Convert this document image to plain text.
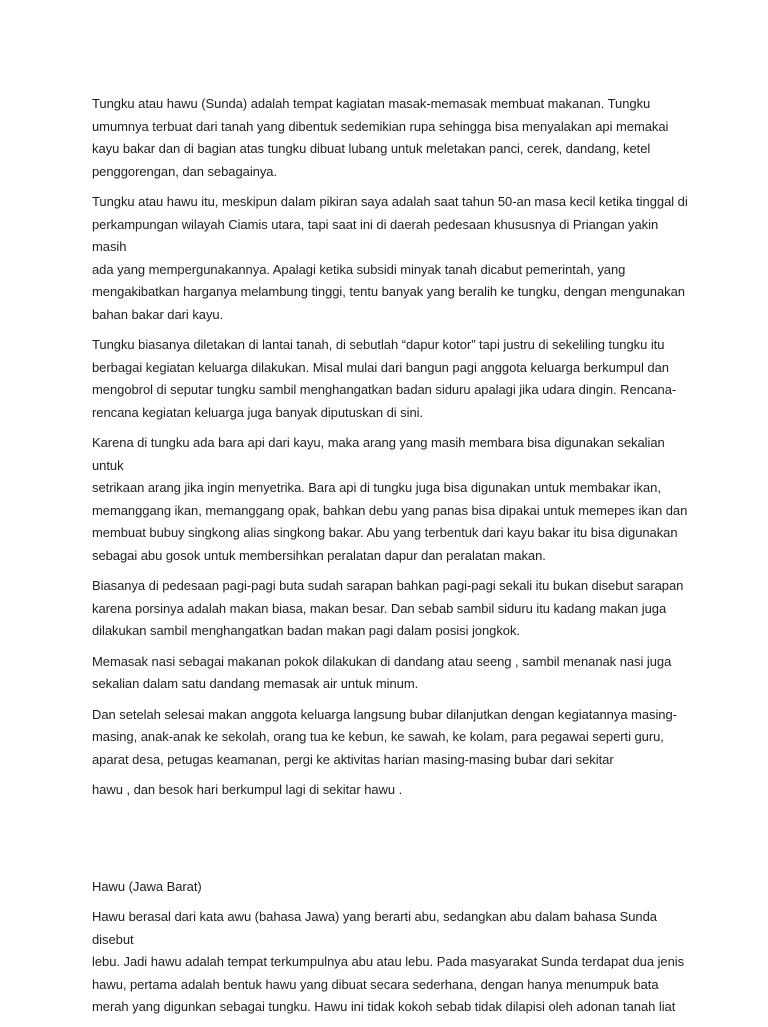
Tungku atau hawu (Sunda) adalah tempat kagiatan masak-memasak membuat makanan. Tungku
umumnya terbuat dari tanah yang dibentuk sedemikian rupa sehingga bisa menyalakan api memakai
kayu bakar dan di bagian atas tungku dibuat lubang untuk meletakan panci, cerek, dandang, ketel
penggorengan, dan sebagainya.

Tungku atau hawu itu, meskipun dalam pikiran saya adalah saat tahun 50-an masa kecil ketika tinggal di
perkampungan wilayah Ciamis utara, tapi saat ini di daerah pedesaan khususnya di Priangan yakin masih
ada yang mempergunakannya. Apalagi ketika subsidi minyak tanah dicabut pemerintah, yang
mengakibatkan harganya melambung tinggi, tentu banyak yang beralih ke tungku, dengan mengunakan
bahan bakar dari kayu.

Tungku biasanya diletakan di lantai tanah, di sebutlah “dapur kotor” tapi justru di sekeliling tungku itu
berbagai kegiatan keluarga dilakukan. Misal mulai dari bangun pagi anggota keluarga berkumpul dan
mengobrol di seputar tungku sambil menghangatkan badan siduru apalagi jika udara dingin. Rencana-
rencana kegiatan keluarga juga banyak diputuskan di sini.

Karena di tungku ada bara api dari kayu, maka arang yang masih membara bisa digunakan sekalian untuk
setrikaan arang jika ingin menyetrika. Bara api di tungku juga bisa digunakan untuk membakar ikan,
memanggang ikan, memanggang opak, bahkan debu yang panas bisa dipakai untuk memepes ikan dan
membuat bubuy singkong alias singkong bakar. Abu yang terbentuk dari kayu bakar itu bisa digunakan
sebagai abu gosok untuk membersihkan peralatan dapur dan peralatan makan.

Biasanya di pedesaan pagi-pagi buta sudah sarapan bahkan pagi-pagi sekali itu bukan disebut sarapan
karena porsinya adalah makan biasa, makan besar. Dan sebab sambil siduru itu kadang makan juga
dilakukan sambil menghangatkan badan makan pagi dalam posisi jongkok.

Memasak nasi sebagai makanan pokok dilakukan di dandang atau seeng , sambil menanak nasi juga
sekalian dalam satu dandang memasak air untuk minum.

Dan setelah selesai makan anggota keluarga langsung bubar dilanjutkan dengan kegiatannya masing-
masing, anak-anak ke sekolah, orang tua ke kebun, ke sawah, ke kolam, para pegawai seperti guru,
aparat desa, petugas keamanan, pergi ke aktivitas harian masing-masing bubar dari sekitar

hawu , dan besok hari berkumpul lagi di sekitar hawu .

Hawu (Jawa Barat)

Hawu berasal dari kata awu (bahasa Jawa) yang berarti abu, sedangkan abu dalam bahasa Sunda disebut
lebu. Jadi hawu adalah tempat terkumpulnya abu atau lebu. Pada masyarakat Sunda terdapat dua jenis
hawu, pertama adalah bentuk hawu yang dibuat secara sederhana, dengan hanya menumpuk bata
merah yang digunkan sebagai tungku. Hawu ini tidak kokoh sebab tidak dilapisi oleh adonan tanah liat
